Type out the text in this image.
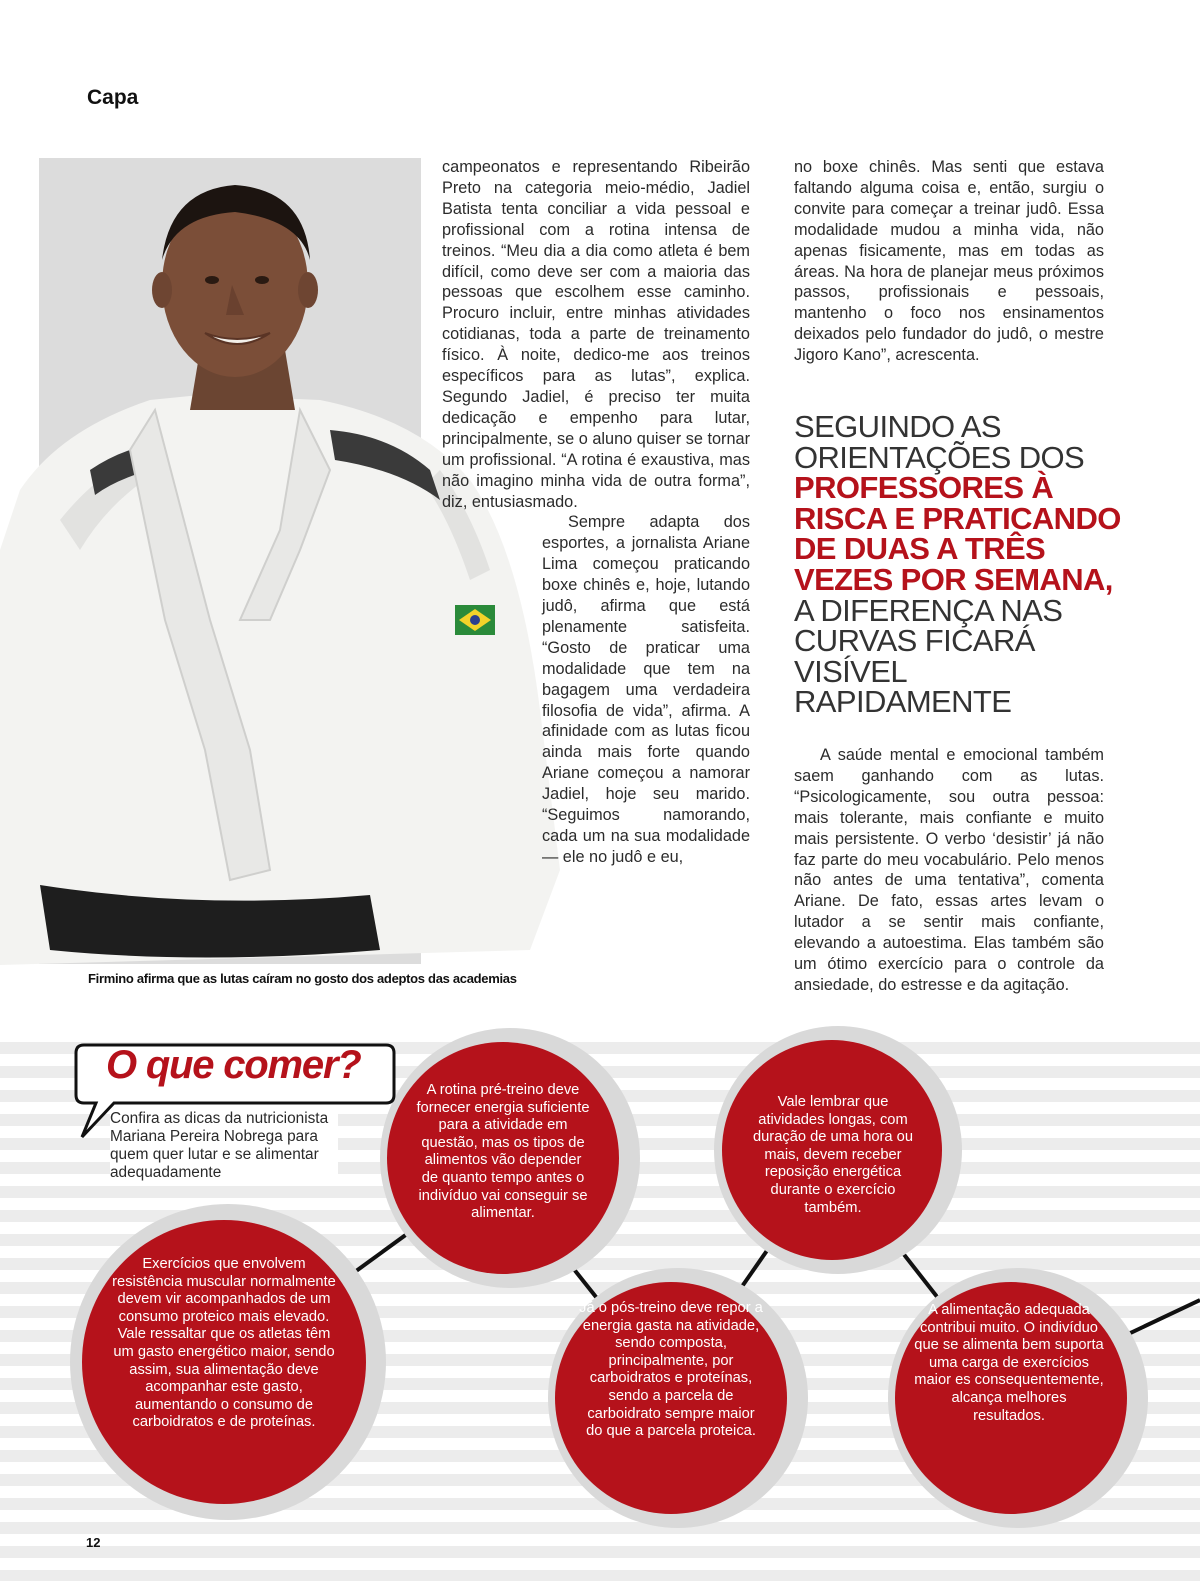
Capa
Firmino afirma que as lutas caíram no gosto dos adeptos das academias

campeonatos e representando Ribeirão Preto na categoria meio-médio, Jadiel Batista tenta conciliar a vida pessoal e profissional com a rotina intensa de treinos. “Meu dia a dia como atleta é bem difícil, como deve ser com a maioria das pessoas que escolhem esse caminho. Procuro incluir, entre minhas atividades cotidianas, toda a parte de treinamento físico. À noite, dedico-me aos treinos específicos para as lutas”, explica. Segundo Jadiel, é preciso ter muita dedicação e empenho para lutar, principalmente, se o aluno quiser se tornar um profissional. “A rotina é exaustiva, mas não imagino minha vida de outra forma”, diz, entusiasmado.

Sempre adapta dos esportes, a jornalista Ariane Lima começou praticando boxe chinês e, hoje, lutando judô, afirma que está plenamente satisfeita. “Gosto de praticar uma modalidade que tem na bagagem uma verdadeira filosofia de vida”, afirma. A afinidade com as lutas ficou ainda mais forte quando Ariane começou a namorar Jadiel, hoje seu marido. “Seguimos namorando, cada um na sua modalidade — ele no judô e eu,

no boxe chinês. Mas senti que estava faltando alguma coisa e, então, surgiu o convite para começar a treinar judô. Essa modalidade mudou a minha vida, não apenas fisicamente, mas em todas as áreas. Na hora de planejar meus próximos passos, profissionais e pessoais, mantenho o foco nos ensinamentos deixados pelo fundador do judô, o mestre Jigoro Kano”, acrescenta.

SEGUINDO AS ORIENTAÇÕES DOS PROFESSORES À RISCA E PRATICANDO DE DUAS A TRÊS VEZES POR SEMANA, A DIFERENÇA NAS CURVAS FICARÁ VISÍVEL RAPIDAMENTE

A saúde mental e emocional também saem ganhando com as lutas. “Psicologicamente, sou outra pessoa: mais tolerante, mais confiante e muito mais persistente. O verbo ‘desistir’ já não faz parte do meu vocabulário. Pelo menos não antes de uma tentativa”, comenta Ariane. De fato, essas artes levam o lutador a se sentir mais confiante, elevando a autoestima. Elas também são um ótimo exercício para o controle da ansiedade, do estresse e da agitação.

O que comer?
Confira as dicas da nutricionista Mariana Pereira Nobrega para quem quer lutar e se alimentar adequadamente
Exercícios que envolvem resistência muscular normalmente devem vir acompanhados de um consumo proteico mais elevado. Vale ressaltar que os atletas têm um gasto energético maior, sendo assim, sua alimentação deve acompanhar este gasto, aumentando o consumo de carboidratos e de proteínas.
A rotina pré-treino deve fornecer energia suficiente para a atividade em questão, mas os tipos de alimentos vão depender de quanto tempo antes o indivíduo vai conseguir se alimentar.
Já o pós-treino deve repor a energia gasta na atividade, sendo composta, principalmente, por carboidratos e proteínas, sendo a parcela de carboidrato sempre maior do que a parcela proteica.
Vale lembrar que atividades longas, com duração de uma hora ou mais, devem receber reposição energética durante o exercício também.
A alimentação adequada contribui muito. O indivíduo que se alimenta bem suporta uma carga de exercícios maior es consequentemente, alcança melhores resultados.
12
